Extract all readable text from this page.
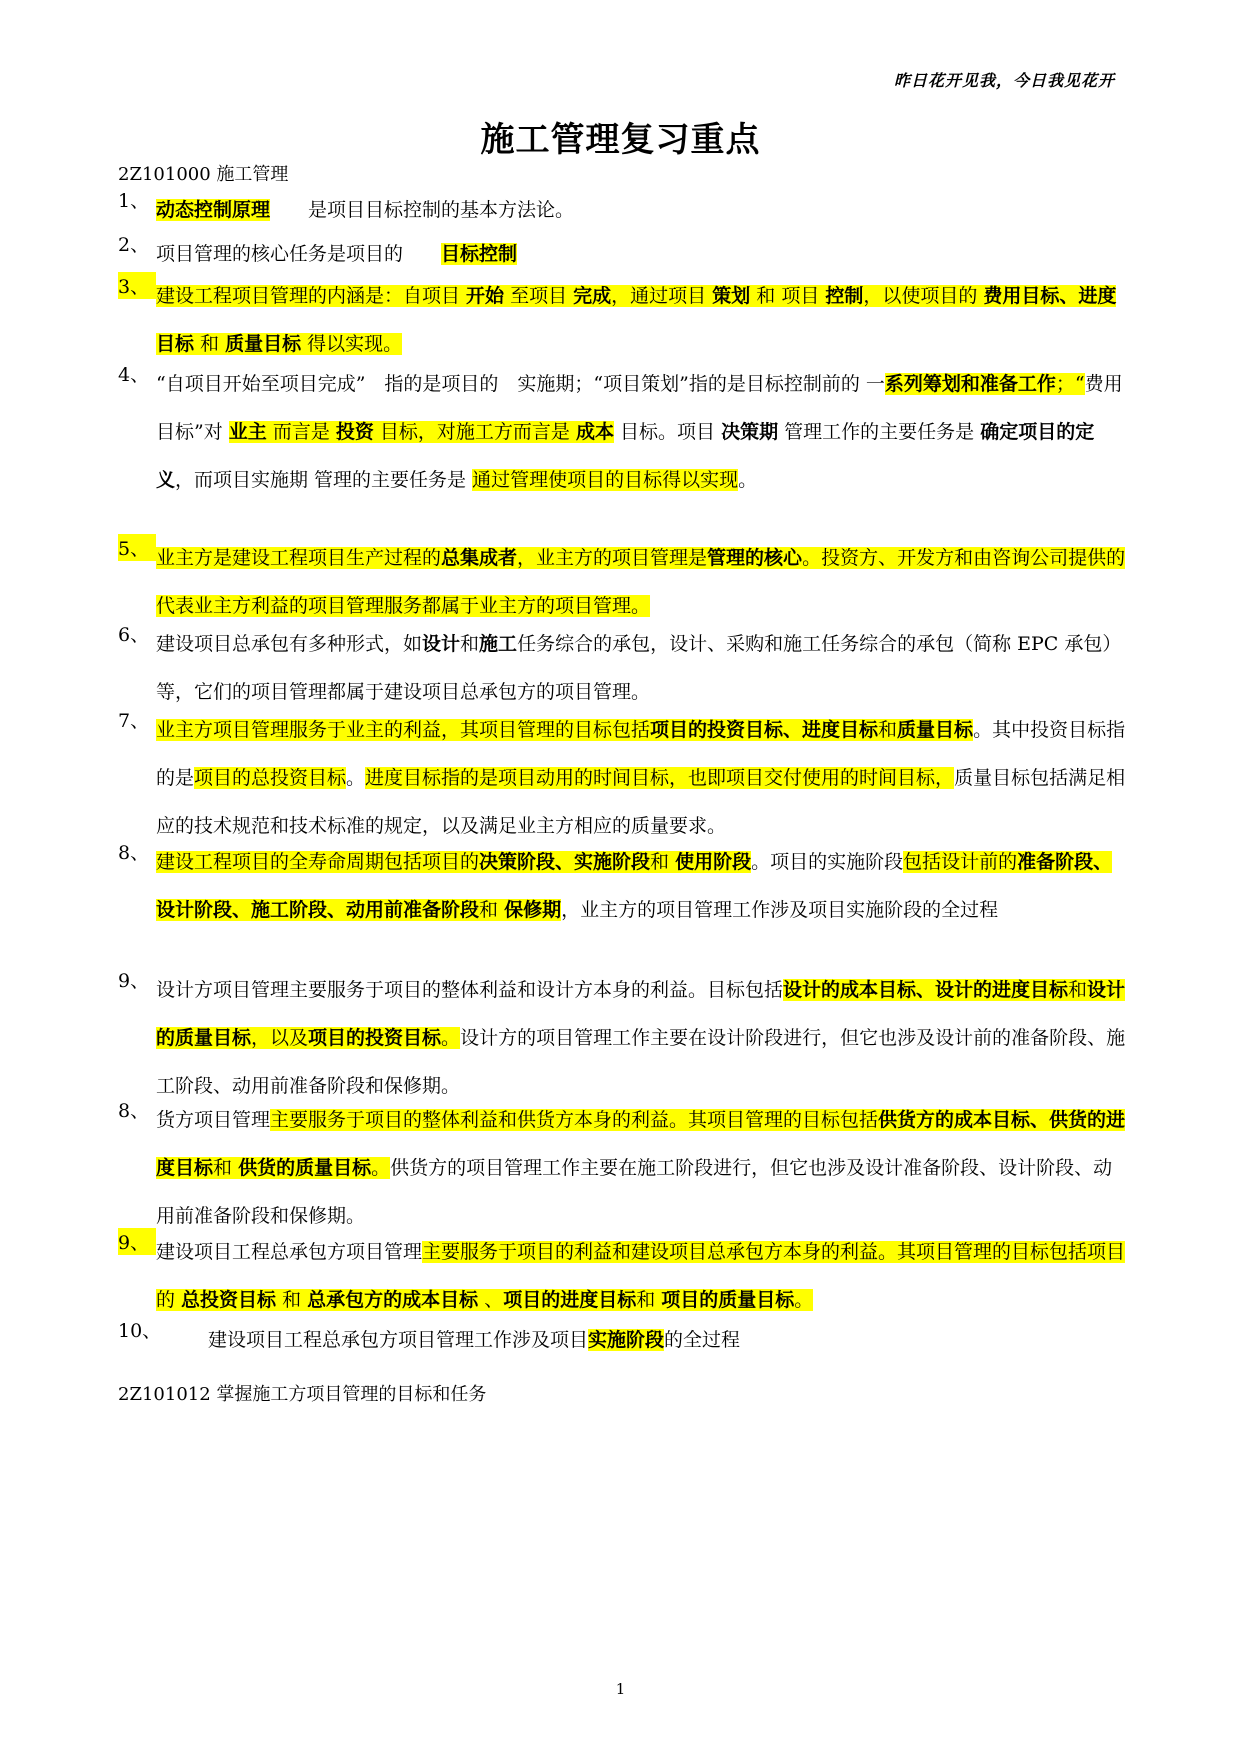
昨日花开见我，今日我见花开
施工管理复习重点
2Z101000 施工管理
1、 动态控制原理　　是项目目标控制的基本方法论。
2、 项目管理的核心任务是项目的　　目标控制
3、 建设工程项目管理的内涵是：自项目 开始 至项目 完成，通过项目 策划 和 项目 控制，以使项目的 费用目标、进度目标 和 质量目标 得以实现。
4、 “自项目开始至项目完成”　指的是项目的　实施期；“项目策划”指的是目标控制前的 一系列筹划和准备工作；“费用目标”对 业主 而言是 投资 目标，对施工方而言是 成本 目标。项目 决策期 管理工作的主要任务是 确定项目的定义，而项目实施期 管理的主要任务是 通过管理使项目的目标得以实现。
5、 业主方是建设工程项目生产过程的总集成者，业主方的项目管理是管理的核心。投资方、开发方和由咨询公司提供的代表业主方利益的项目管理服务都属于业主方的项目管理。
6、 建设项目总承包有多种形式，如设计和施工任务综合的承包，设计、采购和施工任务综合的承包（简称 EPC 承包）等，它们的项目管理都属于建设项目总承包方的项目管理。
7、 业主方项目管理服务于业主的利益，其项目管理的目标包括项目的投资目标、进度目标和质量目标。其中投资目标指的是项目的总投资目标。进度目标指的是项目动用的时间目标，也即项目交付使用的时间目标，质量目标包括满足相应的技术规范和技术标准的规定，以及满足业主方相应的质量要求。
8、 建设工程项目的全寿命周期包括项目的决策阶段、实施阶段和 使用阶段。项目的实施阶段包括设计前的准备阶段、设计阶段、施工阶段、动用前准备阶段和 保修期，业主方的项目管理工作涉及项目实施阶段的全过程
9、 设计方项目管理主要服务于项目的整体利益和设计方本身的利益。目标包括设计的成本目标、设计的进度目标和设计的质量目标，以及项目的投资目标。设计方的项目管理工作主要在设计阶段进行，但它也涉及设计前的准备阶段、施工阶段、动用前准备阶段和保修期。
8、 货方项目管理主要服务于项目的整体利益和供货方本身的利益。其项目管理的目标包括供货方的成本目标、供货的进度目标和 供货的质量目标。供货方的项目管理工作主要在施工阶段进行，但它也涉及设计准备阶段、设计阶段、动用前准备阶段和保修期。
9、 建设项目工程总承包方项目管理主要服务于项目的利益和建设项目总承包方本身的利益。其项目管理的目标包括项目的 总投资目标 和 总承包方的成本目标 、项目的进度目标和 项目的质量目标。
10、 建设项目工程总承包方项目管理工作涉及项目实施阶段的全过程
2Z101012 掌握施工方项目管理的目标和任务
1
